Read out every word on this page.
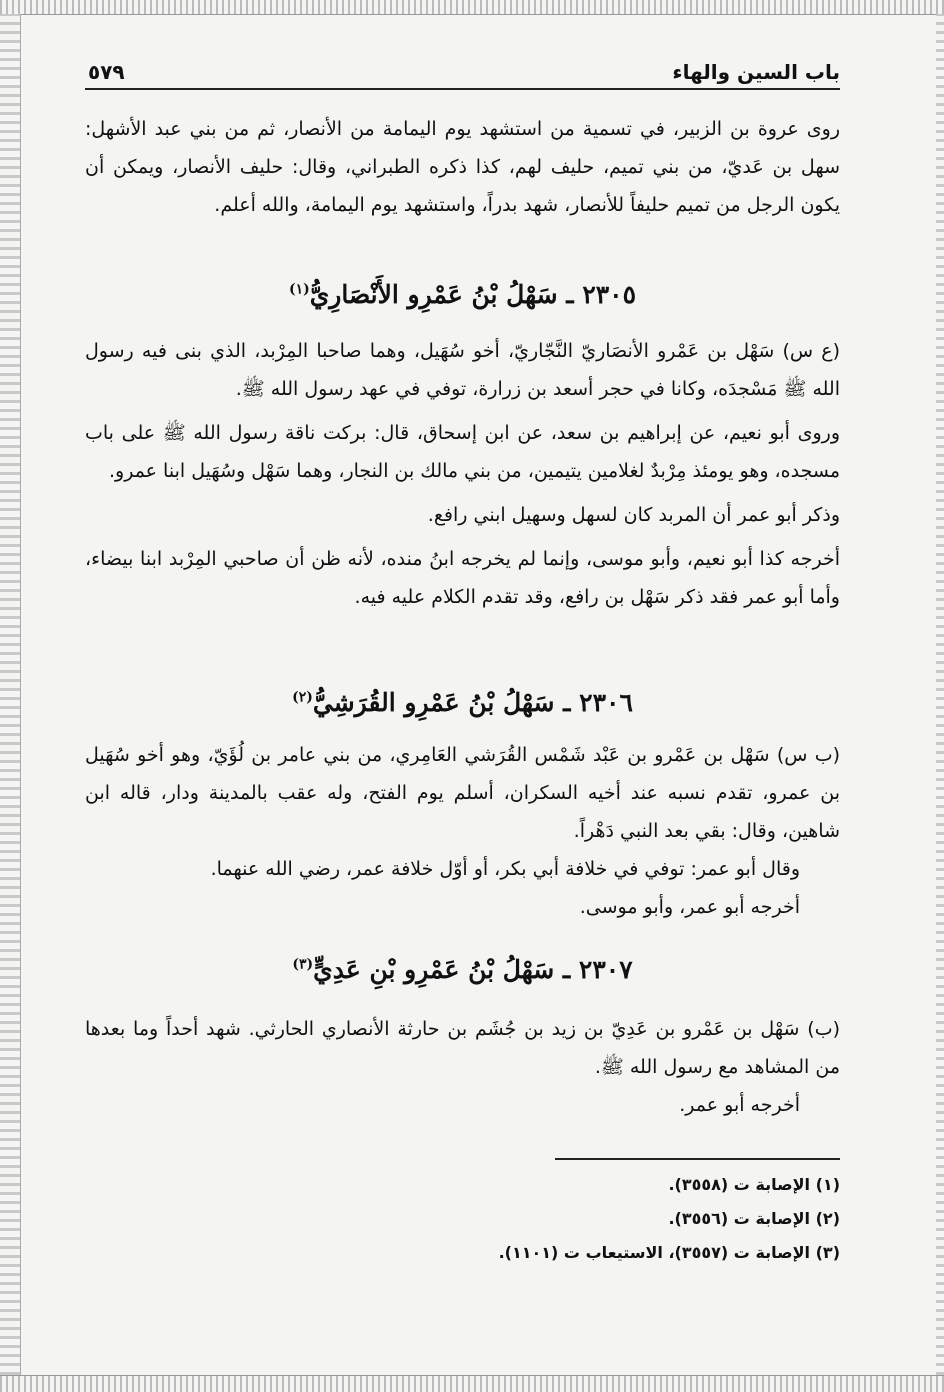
باب السين والهاء
٥٧٩

روى عروة بن الزبير، في تسمية من استشهد يوم اليمامة من الأنصار، ثم من بني عبد الأشهل: سهل بن عَديّ، من بني تميم، حليف لهم، كذا ذكره الطبراني، وقال: حليف الأنصار، ويمكن أن يكون الرجل من تميم حليفاً للأنصار، شهد بدراً، واستشهد يوم اليمامة، والله أعلم.

٢٣٠٥ ـ سَهْلُ بْنُ عَمْرِو الأَنْصَارِيُّ$^{(١)}$

(ع س) سَهْل بن عَمْرو الأنصَاريّ النَّجّاريّ، أخو سُهَيل، وهما صاحبا المِرْبد، الذي بنى فيه رسول الله ﷺ مَسْجدَه، وكانا في حجر أسعد بن زرارة، توفي في عهد رسول الله ﷺ.

وروى أبو نعيم، عن إبراهيم بن سعد، عن ابن إسحاق، قال: بركت ناقة رسول الله ﷺ على باب مسجده، وهو يومئذ مِرْبدٌ لغلامين يتيمين، من بني مالك بن النجار، وهما سَهْل وسُهَيل ابنا عمرو.

وذكر أبو عمر أن المربد كان لسهل وسهيل ابني رافع.

أخرجه كذا أبو نعيم، وأبو موسى، وإنما لم يخرجه ابنُ منده، لأنه ظن أن صاحبي المِرْبد ابنا بيضاء، وأما أبو عمر فقد ذكر سَهْل بن رافع، وقد تقدم الكلام عليه فيه.

٢٣٠٦ ـ سَهْلُ بْنُ عَمْرِو القُرَشِيُّ$^{(٢)}$

(ب س) سَهْل بن عَمْرو بن عَبْد شَمْس القُرَشي العَامِري، من بني عامر بن لُؤَيّ، وهو أخو سُهَيل بن عمرو، تقدم نسبه عند أخيه السكران، أسلم يوم الفتح، وله عقب بالمدينة ودار، قاله ابن شاهين، وقال: بقي بعد النبي دَهْراً.

وقال أبو عمر: توفي في خلافة أبي بكر، أو أوّل خلافة عمر، رضي الله عنهما.

أخرجه أبو عمر، وأبو موسى.

٢٣٠٧ ـ سَهْلُ بْنُ عَمْرِو بْنِ عَدِيٍّ$^{(٣)}$

(ب) سَهْل بن عَمْرو بن عَدِيّ بن زيد بن جُشَم بن حارثة الأنصاري الحارثي. شهد أحداً وما بعدها من المشاهد مع رسول الله ﷺ.

أخرجه أبو عمر.

(١) الإصابة ت (٣٥٥٨).
(٢) الإصابة ت (٣٥٥٦).
(٣) الإصابة ت (٣٥٥٧)، الاستيعاب ت (١١٠١).
